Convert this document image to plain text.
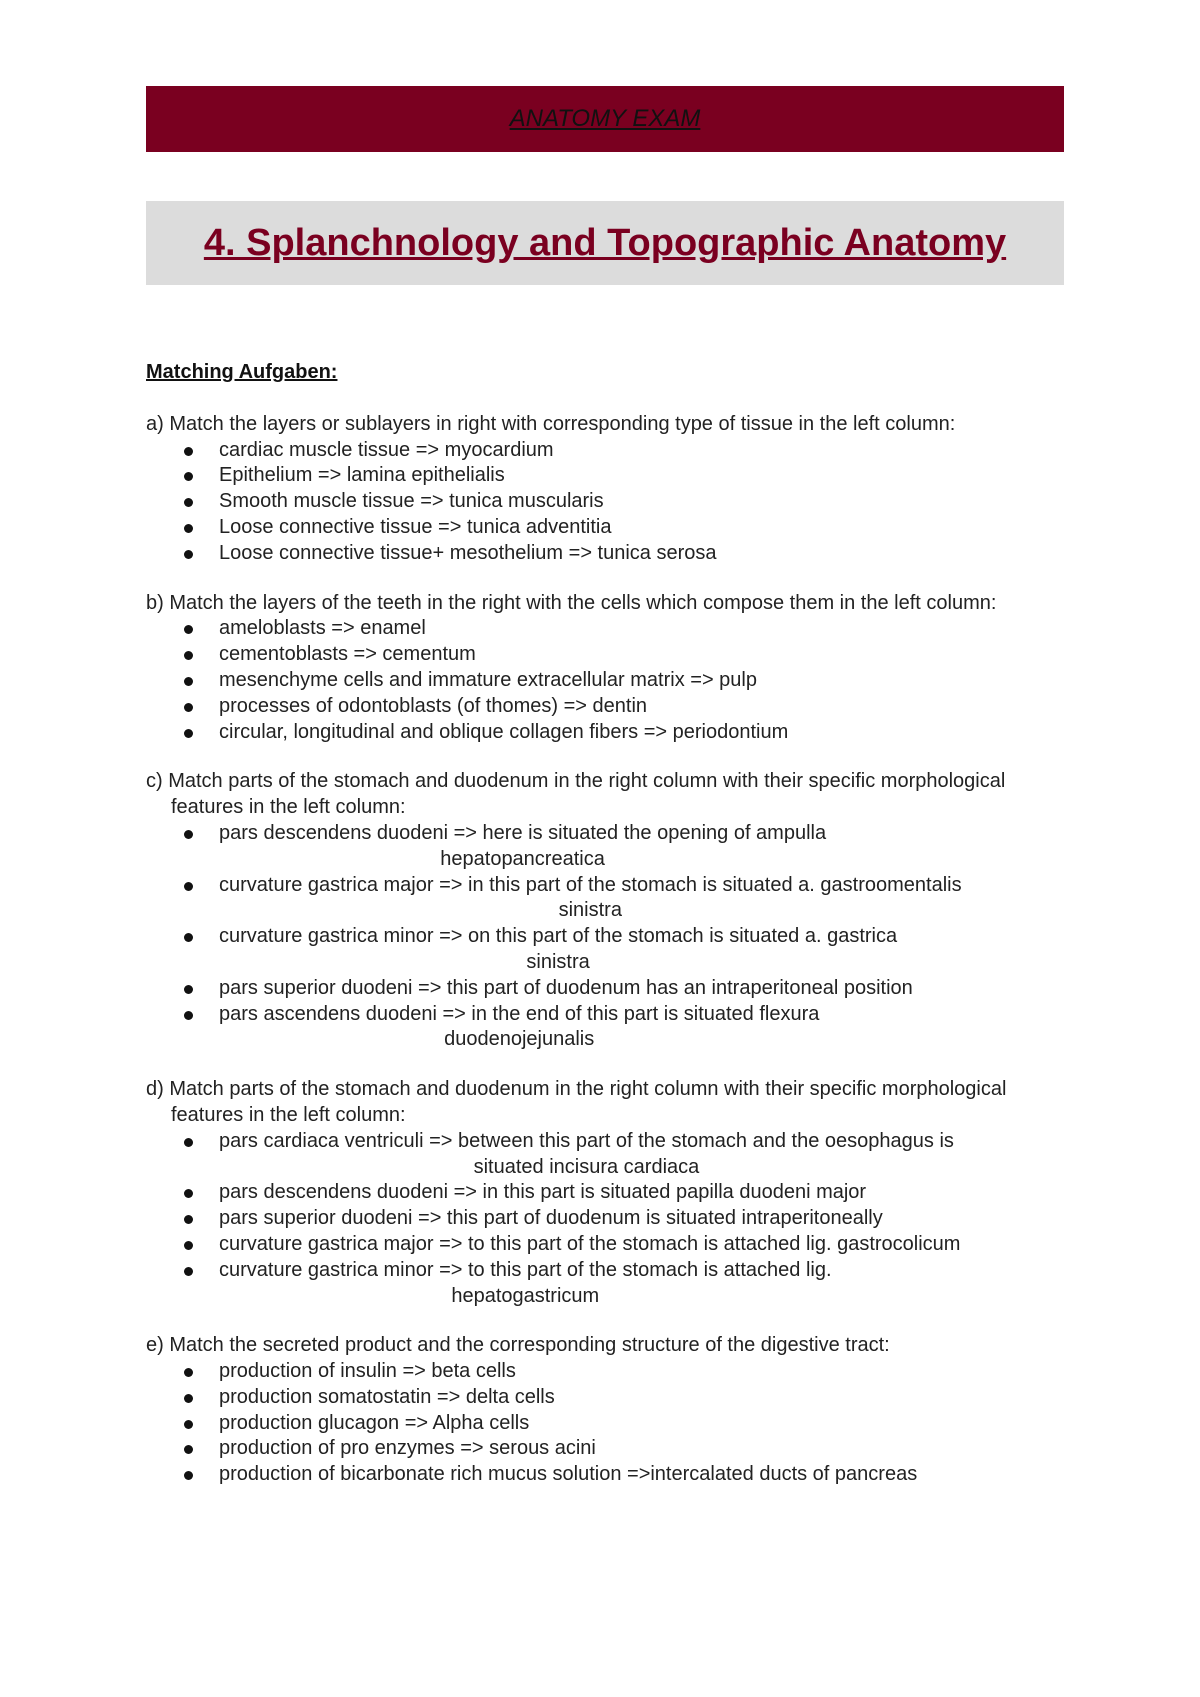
ANATOMY EXAM
4. Splanchnology and Topographic Anatomy
Matching Aufgaben:
a) Match the layers or sublayers in right with corresponding type of tissue in the left column:
cardiac muscle tissue => myocardium
Epithelium => lamina epithelialis
Smooth muscle tissue => tunica muscularis
Loose connective tissue => tunica adventitia
Loose connective tissue+ mesothelium => tunica serosa
b) Match the layers of the teeth in the right with the cells which compose them in the left column:
ameloblasts => enamel
cementoblasts => cementum
mesenchyme cells and immature extracellular matrix => pulp
processes of odontoblasts (of thomes) => dentin
circular, longitudinal and oblique collagen fibers => periodontium
c) Match parts of the stomach and duodenum in the right column with their specific morphological features in the left column:
pars descendens duodeni => here is situated the opening of ampulla
hepatopancreatica
curvature gastrica major => in this part of the stomach is situated a. gastroomentalis
sinistra
curvature gastrica minor => on this part of the stomach is situated a. gastrica
sinistra
pars superior duodeni => this part of duodenum has an intraperitoneal position
pars ascendens duodeni => in the end of this part is situated flexura
duodenojejunalis
d) Match parts of the stomach and duodenum in the right column with their specific morphological features in the left column:
pars cardiaca ventriculi => between this part of the stomach and the oesophagus is
situated incisura cardiaca
pars descendens duodeni => in this part is situated papilla duodeni major
pars superior duodeni => this part of duodenum is situated intraperitoneally
curvature gastrica major => to this part of the stomach is attached lig. gastrocolicum
curvature gastrica minor => to this part of the stomach is attached lig.
hepatogastricum
e) Match the secreted product and the corresponding structure of the digestive tract:
production of insulin => beta cells
production somatostatin => delta cells
production glucagon => Alpha cells
production of pro enzymes => serous acini
production of bicarbonate rich mucus solution =>intercalated ducts of pancreas
